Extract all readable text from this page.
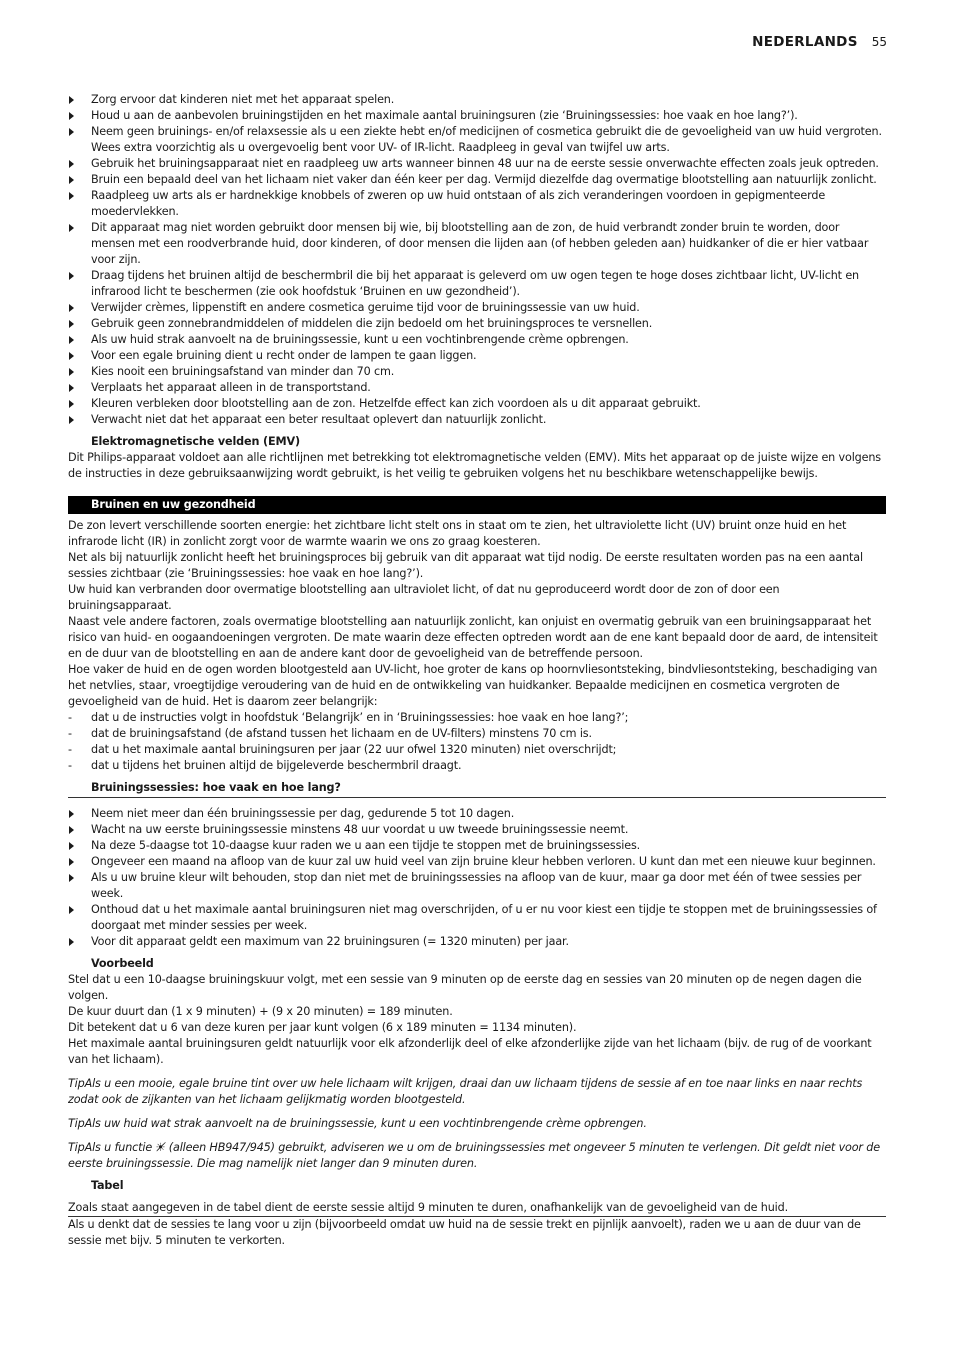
NEDERLANDS 55
Zorg ervoor dat kinderen niet met het apparaat spelen.
Houd u aan de aanbevolen bruiningstijden en het maximale aantal bruiningsuren (zie ‘Bruiningssessies: hoe vaak en hoe lang?’).
Neem geen bruinings- en/of relaxsessie als u een ziekte hebt en/of medicijnen of cosmetica gebruikt die de gevoeligheid van uw huid vergroten. Wees extra voorzichtig als u overgevoelig bent voor UV- of IR-licht. Raadpleeg in geval van twijfel uw arts.
Gebruik het bruiningsapparaat niet en raadpleeg uw arts wanneer binnen 48 uur na de eerste sessie onverwachte effecten zoals jeuk optreden.
Bruin een bepaald deel van het lichaam niet vaker dan één keer per dag. Vermijd diezelfde dag overmatige blootstelling aan natuurlijk zonlicht.
Raadpleeg uw arts als er hardnekkige knobbels of zweren op uw huid ontstaan of als zich veranderingen voordoen in gepigmenteerde moedervlekken.
Dit apparaat mag niet worden gebruikt door mensen bij wie, bij blootstelling aan de zon, de huid verbrandt zonder bruin te worden, door mensen met een roodverbrande huid, door kinderen, of door mensen die lijden aan (of hebben geleden aan) huidkanker of die er hier vatbaar voor zijn.
Draag tijdens het bruinen altijd de beschermbril die bij het apparaat is geleverd om uw ogen tegen te hoge doses zichtbaar licht, UV-licht en infrarood licht te beschermen (zie ook hoofdstuk ‘Bruinen en uw gezondheid’).
Verwijder crèmes, lippenstift en andere cosmetica geruime tijd voor de bruiningssessie van uw huid.
Gebruik geen zonnebrandmiddelen of middelen die zijn bedoeld om het bruiningsproces te versnellen.
Als uw huid strak aanvoelt na de bruiningssessie, kunt u een vochtinbrengende crème opbrengen.
Voor een egale bruining dient u recht onder de lampen te gaan liggen.
Kies nooit een bruiningsafstand van minder dan 70 cm.
Verplaats het apparaat alleen in de transportstand.
Kleuren verbleken door blootstelling aan de zon. Hetzelfde effect kan zich voordoen als u dit apparaat gebruikt.
Verwacht niet dat het apparaat een beter resultaat oplevert dan natuurlijk zonlicht.
Elektromagnetische velden (EMV)

Dit Philips-apparaat voldoet aan alle richtlijnen met betrekking tot elektromagnetische velden (EMV). Mits het apparaat op de juiste wijze en volgens de instructies in deze gebruiksaanwijzing wordt gebruikt, is het veilig te gebruiken volgens het nu beschikbare wetenschappelijke bewijs.

Bruinen en uw gezondheid

De zon levert verschillende soorten energie: het zichtbare licht stelt ons in staat om te zien, het ultraviolette licht (UV) bruint onze huid en het infrarode licht (IR) in zonlicht zorgt voor de warmte waarin we ons zo graag koesteren.

Net als bij natuurlijk zonlicht heeft het bruiningsproces bij gebruik van dit apparaat wat tijd nodig. De eerste resultaten worden pas na een aantal sessies zichtbaar (zie ‘Bruiningssessies: hoe vaak en hoe lang?’).

Uw huid kan verbranden door overmatige blootstelling aan ultraviolet licht, of dat nu geproduceerd wordt door de zon of door een bruiningsapparaat.

Naast vele andere factoren, zoals overmatige blootstelling aan natuurlijk zonlicht, kan onjuist en overmatig gebruik van een bruiningsapparaat het risico van huid- en oogaandoeningen vergroten. De mate waarin deze effecten optreden wordt aan de ene kant bepaald door de aard, de intensiteit en de duur van de blootstelling en aan de andere kant door de gevoeligheid van de betreffende persoon.

Hoe vaker de huid en de ogen worden blootgesteld aan UV-licht, hoe groter de kans op hoornvliesontsteking, bindvliesontsteking, beschadiging van het netvlies, staar, vroegtijdige veroudering van de huid en de ontwikkeling van huidkanker. Bepaalde medicijnen en cosmetica vergroten de gevoeligheid van de huid. Het is daarom zeer belangrijk:

- dat u de instructies volgt in hoofdstuk ‘Belangrijk’ en in ‘Bruiningssessies: hoe vaak en hoe lang?’;
- dat de bruiningsafstand (de afstand tussen het lichaam en de UV-filters) minstens 70 cm is.
- dat u het maximale aantal bruiningsuren per jaar (22 uur ofwel 1320 minuten) niet overschrijdt;
- dat u tijdens het bruinen altijd de bijgeleverde beschermbril draagt.
Bruiningssessies: hoe vaak en hoe lang?
Neem niet meer dan één bruiningssessie per dag, gedurende 5 tot 10 dagen.
Wacht na uw eerste bruiningssessie minstens 48 uur voordat u uw tweede bruiningssessie neemt.
Na deze 5-daagse tot 10-daagse kuur raden we u aan een tijdje te stoppen met de bruiningssessies.
Ongeveer een maand na afloop van de kuur zal uw huid veel van zijn bruine kleur hebben verloren. U kunt dan met een nieuwe kuur beginnen.
Als u uw bruine kleur wilt behouden, stop dan niet met de bruiningssessies na afloop van de kuur, maar ga door met één of twee sessies per week.
Onthoud dat u het maximale aantal bruiningsuren niet mag overschrijden, of u er nu voor kiest een tijdje te stoppen met de bruiningssessies of doorgaat met minder sessies per week.
Voor dit apparaat geldt een maximum van 22 bruiningsuren (= 1320 minuten) per jaar.
Voorbeeld

Stel dat u een 10-daagse bruiningskuur volgt, met een sessie van 9 minuten op de eerste dag en sessies van 20 minuten op de negen dagen die volgen.

De kuur duurt dan (1 x 9 minuten) + (9 x 20 minuten) = 189 minuten.

Dit betekent dat u 6 van deze kuren per jaar kunt volgen (6 x 189 minuten = 1134 minuten).

Het maximale aantal bruiningsuren geldt natuurlijk voor elk afzonderlijk deel of elke afzonderlijke zijde van het lichaam (bijv. de rug of de voorkant van het lichaam).

TipAls u een mooie, egale bruine tint over uw hele lichaam wilt krijgen, draai dan uw lichaam tijdens de sessie af en toe naar links en naar rechts zodat ook de zijkanten van het lichaam gelijkmatig worden blootgesteld.

TipAls uw huid wat strak aanvoelt na de bruiningssessie, kunt u een vochtinbrengende crème opbrengen.

TipAls u functie ☀̸ (alleen HB947/945) gebruikt, adviseren we u om de bruiningssessies met ongeveer 5 minuten te verlengen. Dit geldt niet voor de eerste bruiningssessie. Die mag namelijk niet langer dan 9 minuten duren.

Tabel

Zoals staat aangegeven in de tabel dient de eerste sessie altijd 9 minuten te duren, onafhankelijk van de gevoeligheid van de huid.

Als u denkt dat de sessies te lang voor u zijn (bijvoorbeeld omdat uw huid na de sessie trekt en pijnlijk aanvoelt), raden we u aan de duur van de sessie met bijv. 5 minuten te verkorten.
